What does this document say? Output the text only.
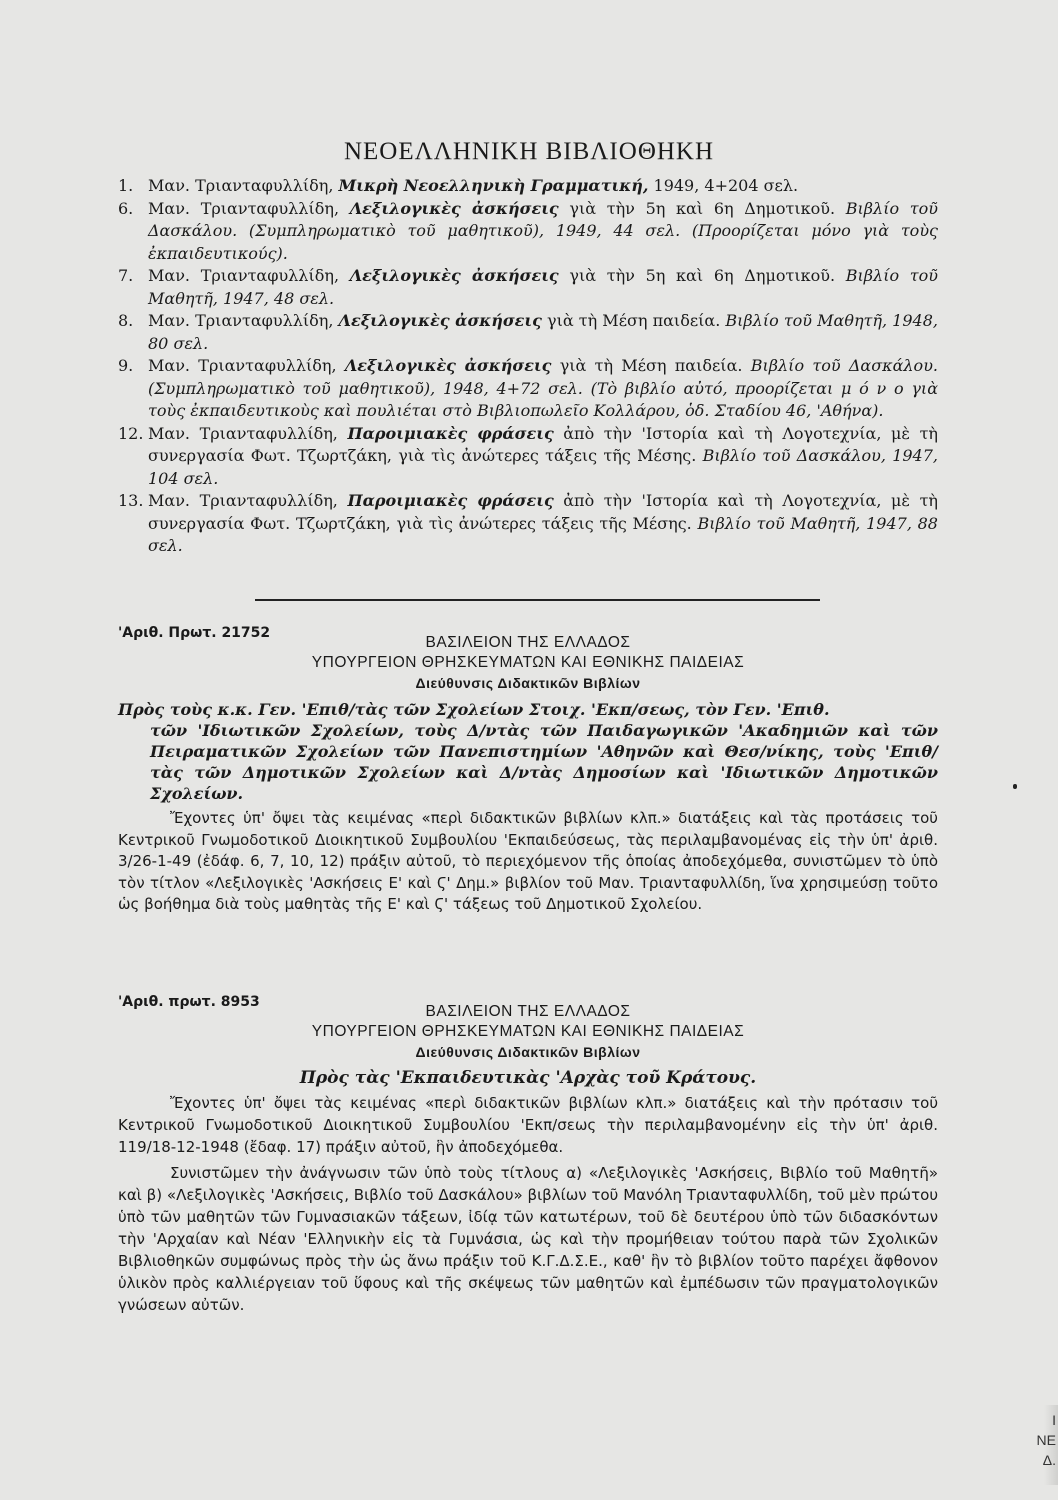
ΝΕΟΕΛΛΗΝΙΚΗ ΒΙΒΛΙΟΘΗΚΗ
1. Μαν. Τριανταφυλλίδη, Μικρὴ Νεοελληνικὴ Γραμματική, 1949, 4+204 σελ.
6. Μαν. Τριανταφυλλίδη, Λεξιλογικὲς ἀσκήσεις γιὰ τὴν 5η καὶ 6η Δημοτικοῦ. Βιβλίο τοῦ Δασκάλου. (Συμπληρωματικὸ τοῦ μαθητικοῦ), 1949, 44 σελ. (Προορίζεται μόνο γιὰ τοὺς ἐκπαιδευτικούς).
7. Μαν. Τριανταφυλλίδη, Λεξιλογικὲς ἀσκήσεις γιὰ τὴν 5η καὶ 6η Δημοτικοῦ. Βιβλίο τοῦ Μαθητῆ, 1947, 48 σελ.
8. Μαν. Τριανταφυλλίδη, Λεξιλογικὲς ἀσκήσεις γιὰ τὴ Μέση παιδεία. Βιβλίο τοῦ Μαθητῆ, 1948, 80 σελ.
9. Μαν. Τριανταφυλλίδη, Λεξιλογικὲς ἀσκήσεις γιὰ τὴ Μέση παιδεία. Βιβλίο τοῦ Δασκάλου. (Συμπληρωματικὸ τοῦ μαθητικοῦ), 1948, 4+72 σελ. (Τὸ βιβλίο αὐτό, προορίζεται μ ό ν ο γιὰ τοὺς ἐκπαιδευτικοὺς καὶ πουλιέται στὸ Βιβλιοπωλεῖο Κολλάρου, ὁδ. Σταδίου 46, 'Αθήνα).
12. Μαν. Τριανταφυλλίδη, Παροιμιακὲς φράσεις ἀπὸ τὴν 'Ιστορία καὶ τὴ Λογοτεχνία, μὲ τὴ συνεργασία Φωτ. Τζωρτζάκη, γιὰ τὶς ἀνώτερες τάξεις τῆς Μέσης. Βιβλίο τοῦ Δασκάλου, 1947, 104 σελ.
13. Μαν. Τριανταφυλλίδη, Παροιμιακὲς φράσεις ἀπὸ τὴν 'Ιστορία καὶ τὴ Λογοτεχνία, μὲ τὴ συνεργασία Φωτ. Τζωρτζάκη, γιὰ τὶς ἀνώτερες τάξεις τῆς Μέσης. Βιβλίο τοῦ Μαθητῆ, 1947, 88 σελ.
'Αριθ. Πρωτ. 21752
ΒΑΣΙΛΕΙΟΝ ΤΗΣ ΕΛΛΑΔΟΣ
ΥΠΟΥΡΓΕΙΟΝ ΘΡΗΣΚΕΥΜΑΤΩΝ ΚΑΙ ΕΘΝΙΚΗΣ ΠΑΙΔΕΙΑΣ
Διεύθυνσις Διδακτικῶν Βιβλίων
Πρὸς τοὺς κ.κ. Γεν. 'Επιθ/τὰς τῶν Σχολείων Στοιχ. 'Εκπ/σεως, τὸν Γεν. 'Επιθ.
τῶν 'Ιδιωτικῶν Σχολείων, τοὺς Δ/ντὰς τῶν Παιδαγωγικῶν 'Ακαδημιῶν καὶ τῶν Πειραματικῶν Σχολείων τῶν Πανεπιστημίων 'Αθηνῶν καὶ Θεσ/νίκης, τοὺς 'Επιθ/τὰς τῶν Δημοτικῶν Σχολείων καὶ Δ/ντὰς Δημοσίων καὶ 'Ιδιωτικῶν Δημοτικῶν Σχολείων.

Ἔχοντες ὑπ' ὄψει τὰς κειμένας «περὶ διδακτικῶν βιβλίων κλπ.» διατάξεις καὶ τὰς προτάσεις τοῦ Κεντρικοῦ Γνωμοδοτικοῦ Διοικητικοῦ Συμβουλίου 'Εκπαιδεύσεως, τὰς περιλαμβανομένας εἰς τὴν ὑπ' ἀριθ. 3/26-1-49 (ἐδάφ. 6, 7, 10, 12) πράξιν αὐτοῦ, τὸ περιεχόμενον τῆς ὁποίας ἀποδεχόμεθα, συνιστῶμεν τὸ ὑπὸ τὸν τίτλον «Λεξιλογικὲς 'Ασκήσεις Ε' καὶ Ϛ' Δημ.» βιβλίον τοῦ Μαν. Τριανταφυλλίδη, ἵνα χρησιμεύσῃ τοῦτο ὡς βοήθημα διὰ τοὺς μαθητὰς τῆς Ε' καὶ Ϛ' τάξεως τοῦ Δημοτικοῦ Σχολείου.

'Αριθ. πρωτ. 8953
ΒΑΣΙΛΕΙΟΝ ΤΗΣ ΕΛΛΑΔΟΣ
ΥΠΟΥΡΓΕΙΟΝ ΘΡΗΣΚΕΥΜΑΤΩΝ ΚΑΙ ΕΘΝΙΚΗΣ ΠΑΙΔΕΙΑΣ
Διεύθυνσις Διδακτικῶν Βιβλίων
Πρὸς τὰς 'Εκπαιδευτικὰς 'Αρχὰς τοῦ Κράτους.

Ἔχοντες ὑπ' ὄψει τὰς κειμένας «περὶ διδακτικῶν βιβλίων κλπ.» διατάξεις καὶ τὴν πρότασιν τοῦ Κεντρικοῦ Γνωμοδοτικοῦ Διοικητικοῦ Συμβουλίου 'Εκπ/σεως τὴν περιλαμβανομένην εἰς τὴν ὑπ' ἀριθ. 119/18-12-1948 (ἔδαφ. 17) πράξιν αὐτοῦ, ἣν ἀποδεχόμεθα.

Συνιστῶμεν τὴν ἀνάγνωσιν τῶν ὑπὸ τοὺς τίτλους α) «Λεξιλογικὲς 'Ασκήσεις, Βιβλίο τοῦ Μαθητῆ» καὶ β) «Λεξιλογικὲς 'Ασκήσεις, Βιβλίο τοῦ Δασκάλου» βιβλίων τοῦ Μανόλη Τριανταφυλλίδη, τοῦ μὲν πρώτου ὑπὸ τῶν μαθητῶν τῶν Γυμνασιακῶν τάξεων, ἰδίᾳ τῶν κατωτέρων, τοῦ δὲ δευτέρου ὑπὸ τῶν διδασκόντων τὴν 'Αρχαίαν καὶ Νέαν 'Ελληνικὴν εἰς τὰ Γυμνάσια, ὡς καὶ τὴν προμήθειαν τούτου παρὰ τῶν Σχολικῶν Βιβλιοθηκῶν συμφώνως πρὸς τὴν ὡς ἄνω πράξιν τοῦ Κ.Γ.Δ.Σ.Ε., καθ' ἣν τὸ βιβλίον τοῦτο παρέχει ἄφθονον ὑλικὸν πρὸς καλλιέργειαν τοῦ ὕφους καὶ τῆς σκέψεως τῶν μαθητῶν καὶ ἐμπέδωσιν τῶν πραγματολογικῶν γνώσεων αὐτῶν.

Ι
ΝΕ
Δ.
